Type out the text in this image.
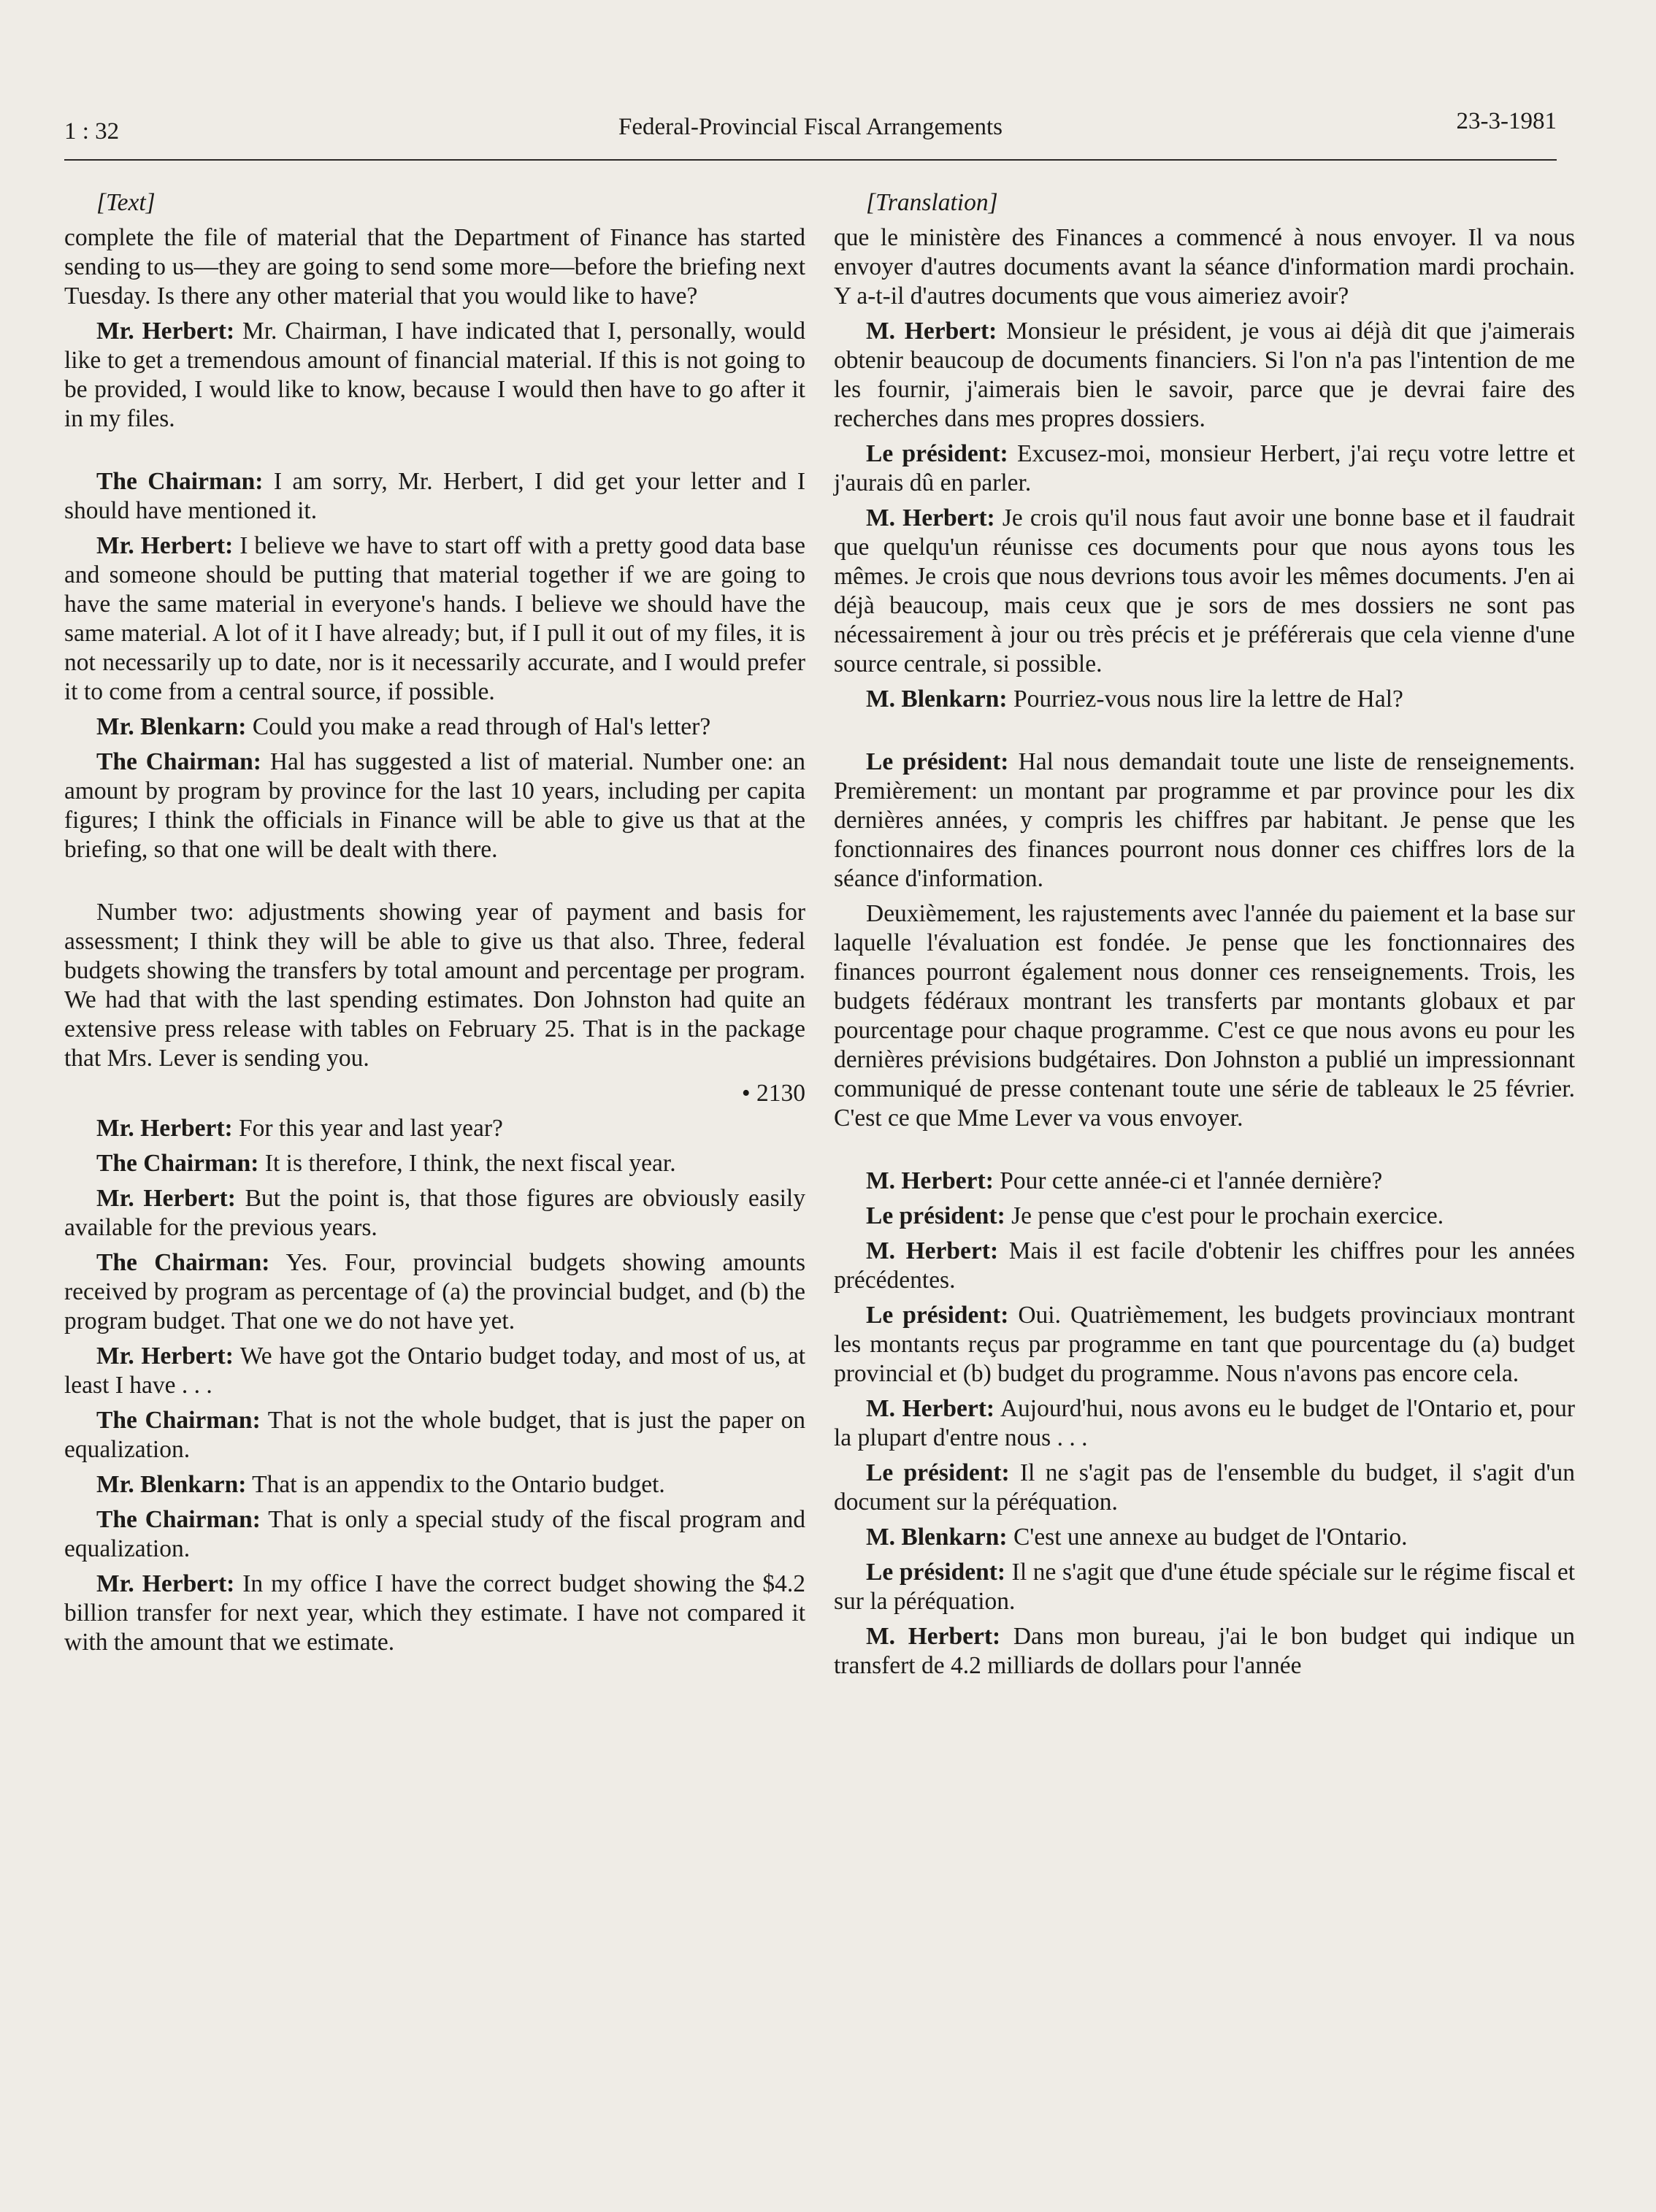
1 : 32	Federal-Provincial Fiscal Arrangements	23-3-1981

[Text]

complete the file of material that the Department of Finance has started sending to us—they are going to send some more—before the briefing next Tuesday. Is there any other material that you would like to have?

Mr. Herbert: Mr. Chairman, I have indicated that I, personally, would like to get a tremendous amount of financial material. If this is not going to be provided, I would like to know, because I would then have to go after it in my files.

The Chairman: I am sorry, Mr. Herbert, I did get your letter and I should have mentioned it.

Mr. Herbert: I believe we have to start off with a pretty good data base and someone should be putting that material together if we are going to have the same material in everyone's hands. I believe we should have the same material. A lot of it I have already; but, if I pull it out of my files, it is not necessarily up to date, nor is it necessarily accurate, and I would prefer it to come from a central source, if possible.

Mr. Blenkarn: Could you make a read through of Hal's letter?

The Chairman: Hal has suggested a list of material. Number one: an amount by program by province for the last 10 years, including per capita figures; I think the officials in Finance will be able to give us that at the briefing, so that one will be dealt with there.

Number two: adjustments showing year of payment and basis for assessment; I think they will be able to give us that also. Three, federal budgets showing the transfers by total amount and percentage per program. We had that with the last spending estimates. Don Johnston had quite an extensive press release with tables on February 25. That is in the package that Mrs. Lever is sending you.

• 2130

Mr. Herbert: For this year and last year?

The Chairman: It is therefore, I think, the next fiscal year.

Mr. Herbert: But the point is, that those figures are obviously easily available for the previous years.

The Chairman: Yes. Four, provincial budgets showing amounts received by program as percentage of (a) the provincial budget, and (b) the program budget. That one we do not have yet.

Mr. Herbert: We have got the Ontario budget today, and most of us, at least I have . . .

The Chairman: That is not the whole budget, that is just the paper on equalization.

Mr. Blenkarn: That is an appendix to the Ontario budget.

The Chairman: That is only a special study of the fiscal program and equalization.

Mr. Herbert: In my office I have the correct budget showing the $4.2 billion transfer for next year, which they estimate. I have not compared it with the amount that we estimate.

[Translation]

que le ministère des Finances a commencé à nous envoyer. Il va nous envoyer d'autres documents avant la séance d'information mardi prochain. Y a-t-il d'autres documents que vous aimeriez avoir?

M. Herbert: Monsieur le président, je vous ai déjà dit que j'aimerais obtenir beaucoup de documents financiers. Si l'on n'a pas l'intention de me les fournir, j'aimerais bien le savoir, parce que je devrai faire des recherches dans mes propres dossiers.

Le président: Excusez-moi, monsieur Herbert, j'ai reçu votre lettre et j'aurais dû en parler.

M. Herbert: Je crois qu'il nous faut avoir une bonne base et il faudrait que quelqu'un réunisse ces documents pour que nous ayons tous les mêmes. Je crois que nous devrions tous avoir les mêmes documents. J'en ai déjà beaucoup, mais ceux que je sors de mes dossiers ne sont pas nécessairement à jour ou très précis et je préférerais que cela vienne d'une source centrale, si possible.

M. Blenkarn: Pourriez-vous nous lire la lettre de Hal?

Le président: Hal nous demandait toute une liste de renseignements. Premièrement: un montant par programme et par province pour les dix dernières années, y compris les chiffres par habitant. Je pense que les fonctionnaires des finances pourront nous donner ces chiffres lors de la séance d'information.

Deuxièmement, les rajustements avec l'année du paiement et la base sur laquelle l'évaluation est fondée. Je pense que les fonctionnaires des finances pourront également nous donner ces renseignements. Trois, les budgets fédéraux montrant les transferts par montants globaux et par pourcentage pour chaque programme. C'est ce que nous avons eu pour les dernières prévisions budgétaires. Don Johnston a publié un impressionnant communiqué de presse contenant toute une série de tableaux le 25 février. C'est ce que Mme Lever va vous envoyer.

M. Herbert: Pour cette année-ci et l'année dernière?

Le président: Je pense que c'est pour le prochain exercice.

M. Herbert: Mais il est facile d'obtenir les chiffres pour les années précédentes.

Le président: Oui. Quatrièmement, les budgets provinciaux montrant les montants reçus par programme en tant que pourcentage du (a) budget provincial et (b) budget du programme. Nous n'avons pas encore cela.

M. Herbert: Aujourd'hui, nous avons eu le budget de l'Ontario et, pour la plupart d'entre nous . . .

Le président: Il ne s'agit pas de l'ensemble du budget, il s'agit d'un document sur la péréquation.

M. Blenkarn: C'est une annexe au budget de l'Ontario.

Le président: Il ne s'agit que d'une étude spéciale sur le régime fiscal et sur la péréquation.

M. Herbert: Dans mon bureau, j'ai le bon budget qui indique un transfert de 4.2 milliards de dollars pour l'année
